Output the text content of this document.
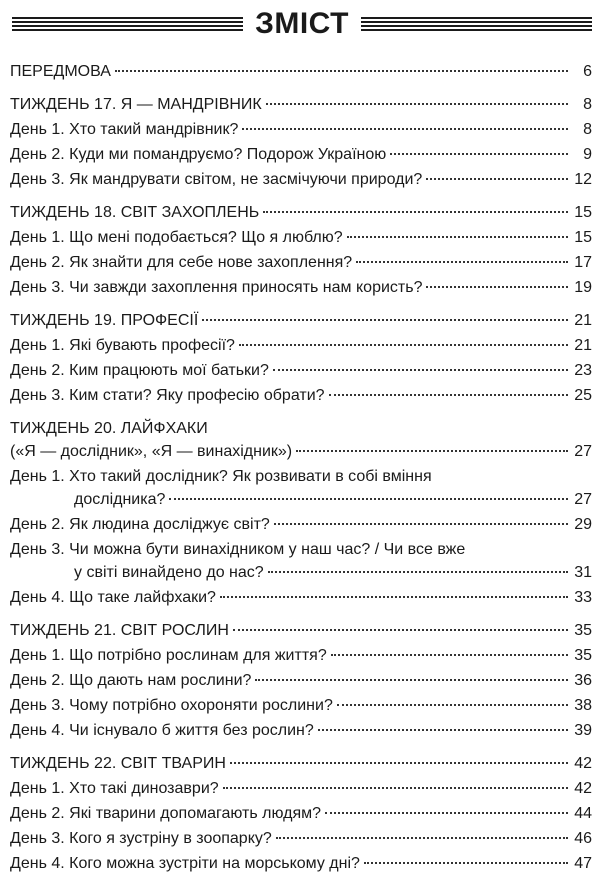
ЗМІСТ
ПЕРЕДМОВА	6
ТИЖДЕНЬ 17. Я — МАНДРІВНИК	8
День 1. Хто такий мандрівник?	8
День 2. Куди ми помандруємо? Подорож Україною	9
День 3. Як мандрувати світом, не засмічуючи природи?	12
ТИЖДЕНЬ 18. СВІТ ЗАХОПЛЕНЬ	15
День 1. Що мені подобається? Що я люблю?	15
День 2. Як знайти для себе нове захоплення?	17
День 3. Чи завжди захоплення приносять нам користь?	19
ТИЖДЕНЬ 19. ПРОФЕСІЇ	21
День 1. Які бувають професії?	21
День 2. Ким працюють мої батьки?	23
День 3. Ким стати? Яку професію обрати?	25
ТИЖДЕНЬ 20. ЛАЙФХАКИ
(«Я — дослідник», «Я — винахідник»)	27
День 1. Хто такий дослідник? Як розвивати в собі вміння
дослідника?	27
День 2. Як людина досліджує світ?	29
День 3. Чи можна бути винахідником у наш час? / Чи все вже
у світі винайдено до нас?	31
День 4. Що таке лайфхаки?	33
ТИЖДЕНЬ 21. СВІТ РОСЛИН	35
День 1. Що потрібно рослинам для життя?	35
День 2. Що дають нам рослини?	36
День 3. Чому потрібно охороняти рослини?	38
День 4. Чи існувало б життя без рослин?	39
ТИЖДЕНЬ 22. СВІТ ТВАРИН	42
День 1. Хто такі динозаври?	42
День 2. Які тварини допомагають людям?	44
День 3. Кого я зустріну в зоопарку?	46
День 4. Кого можна зустріти на морському дні?	47
